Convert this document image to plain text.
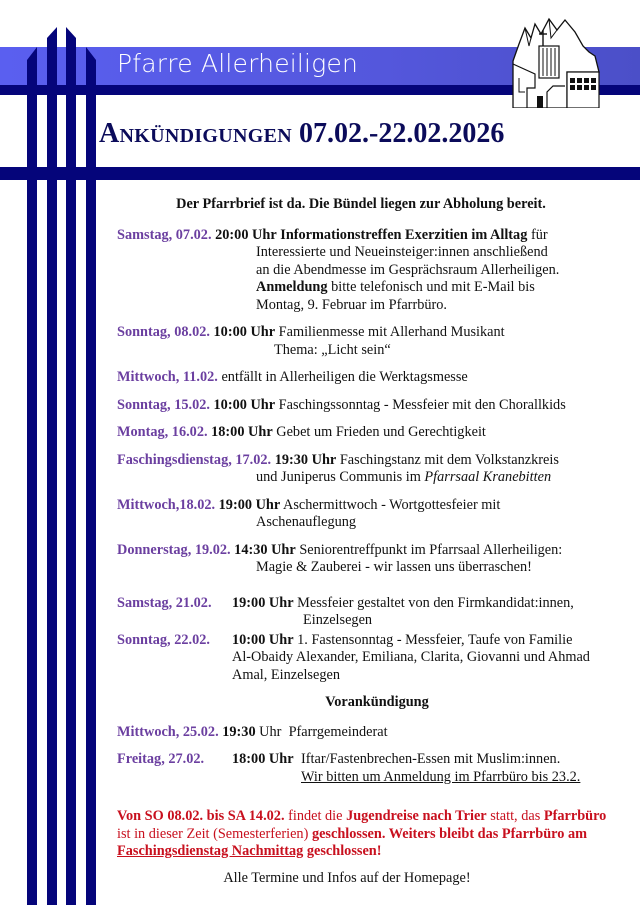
Pfarre Allerheiligen
Ankündigungen 07.02.-22.02.2026
Der Pfarrbrief ist da. Die Bündel liegen zur Abholung bereit.
Samstag, 07.02. 20:00 Uhr Informationstreffen Exerzitien im Alltag für
Interessierte und Neueinsteiger:innen anschließend
an die Abendmesse im Gesprächsraum Allerheiligen.
Anmeldung bitte telefonisch und mit E-Mail bis
Montag, 9. Februar im Pfarrbüro.
Sonntag, 08.02. 10:00 Uhr Familienmesse mit Allerhand Musikant
Thema: „Licht sein“
Mittwoch, 11.02. entfällt in Allerheiligen die Werktagsmesse
Sonntag, 15.02. 10:00 Uhr Faschingssonntag - Messfeier mit den Chorallkids
Montag, 16.02. 18:00 Uhr Gebet um Frieden und Gerechtigkeit
Faschingsdienstag, 17.02. 19:30 Uhr Faschingstanz mit dem Volkstanzkreis
und Juniperus Communis im Pfarrsaal Kranebitten
Mittwoch,18.02. 19:00 Uhr Aschermittwoch - Wortgottesfeier mit
Aschenauflegung
Donnerstag, 19.02. 14:30 Uhr Seniorentreffpunkt im Pfarrsaal Allerheiligen:
Magie & Zauberei - wir lassen uns überraschen!
Samstag, 21.02. 19:00 Uhr Messfeier gestaltet von den Firmkandidat:innen,
Einzelsegen
Sonntag, 22.02. 10:00 Uhr 1. Fastensonntag - Messfeier, Taufe von Familie
Al-Obaidy Alexander, Emiliana, Clarita, Giovanni und Ahmad
Amal, Einzelsegen
Vorankündigung
Mittwoch, 25.02. 19:30 Uhr Pfarrgemeinderat
Freitag, 27.02. 18:00 Uhr Iftar/Fastenbrechen-Essen mit Muslim:innen.
Wir bitten um Anmeldung im Pfarrbüro bis 23.2.
Von SO 08.02. bis SA 14.02. findet die Jugendreise nach Trier statt, das Pfarrbüro ist in dieser Zeit (Semesterferien) geschlossen. Weiters bleibt das Pfarrbüro am Faschingsdienstag Nachmittag geschlossen!
Alle Termine und Infos auf der Homepage!
